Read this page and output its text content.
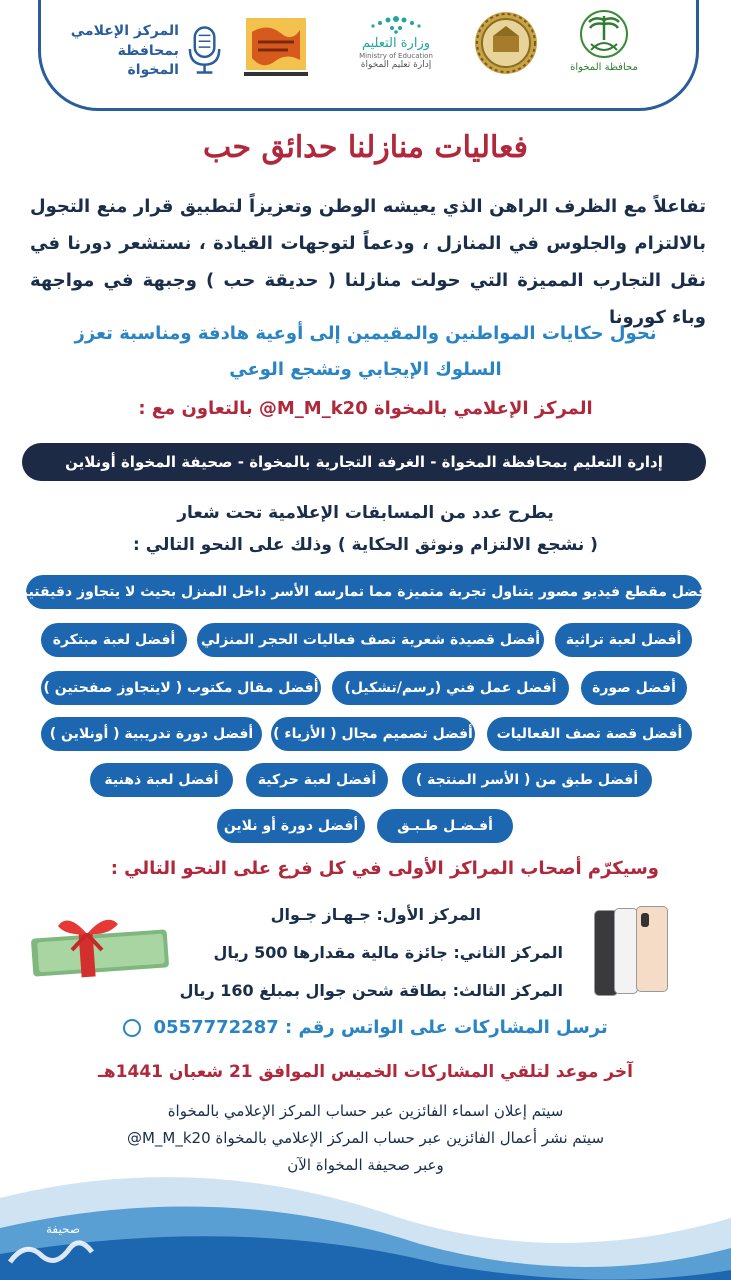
محافظة المخواة
وزارة التعليم
Ministry of Education
إدارة تعليم المخواة
المركز الإعلامي
بمحافظة المخواة
فعاليات منازلنا حدائق حب
تفاعلاً مع الظرف الراهن الذي يعيشه الوطن وتعزيزاً لتطبيق قرار منع التجول بالالتزام والجلوس في المنازل ، ودعماً لتوجهات القيادة ، نستشعر دورنا في نقل التجارب المميزة التي حولت منازلنا ( حديقة حب ) وجبهة في مواجهة وباء كورونا
نحول حكايات المواطنين والمقيمين إلى أوعية هادفة ومناسبة تعزز
السلوك الإيجابي وتشجع الوعي
المركز الإعلامي بالمخواة M_M_k20@ بالتعاون مع :
إدارة التعليم بمحافظة المخواة - الغرفة التجارية بالمخواة - صحيفة المخواة أونلاين
يطرح عدد من المسابقات الإعلامية تحت شعار
( نشجع الالتزام ونوثق الحكاية ) وذلك على النحو التالي :
أفضل مقطع فيديو مصور يتناول تجربة متميزة مما تمارسه الأسر داخل المنزل بحيث لا يتجاوز دقيقتين
أفضل لعبة تراثية
أفضل قصيدة شعرية تصف فعاليات الحجر المنزلي
أفضل لعبة مبتكرة
أفضل صورة
أفضل عمل فني (رسم/تشكيل)
أفضل مقال مكتوب ( لايتجاوز صفحتين )
أفضل قصة تصف الفعاليات
أفضل تصميم مجال ( الأزياء )
أفضل دورة تدريبية ( أونلاين )
أفضل طبق من ( الأسر المنتجة )
أفضل لعبة حركية
أفضل لعبة ذهنية
أفـضـل طـبـق
أفضل دورة أو نلاين
وسيكرّم أصحاب المراكز الأولى في كل فرع على النحو التالي :
المركز الأول: جـهـاز جـوال
المركز الثاني: جائزة مالية مقدارها 500 ريال
المركز الثالث: بطاقة شحن جوال بمبلغ 160 ريال
ترسل المشاركات على الواتس رقم : 0557772287
آخر موعد لتلقي المشاركات الخميس الموافق 21 شعبان 1441هـ
سيتم إعلان اسماء الفائزين عبر حساب المركز الإعلامي بالمخواة
سيتم نشر أعمال الفائزين عبر حساب المركز الإعلامي بالمخواة M_M_k20@
وعبر صحيفة المخواة الآن
صحيفة
